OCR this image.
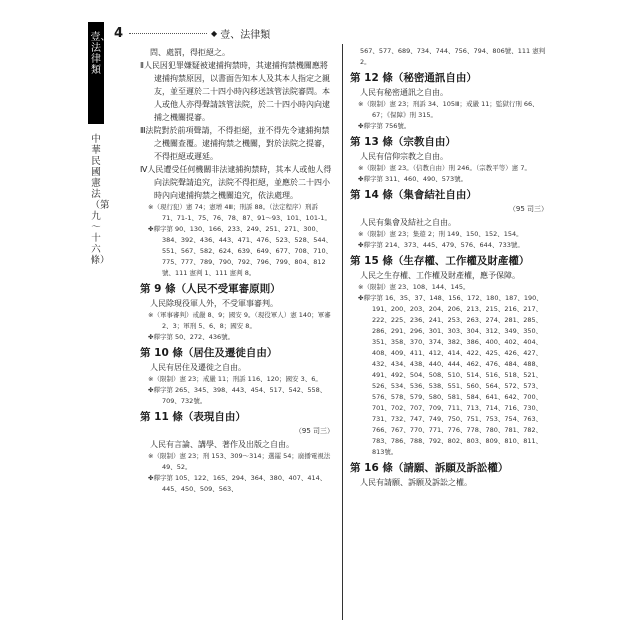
壹、法律類
中華民國憲法（第九～十六條）
4	◆ 壹、法律類

問、處罰，得拒絕之。

Ⅱ人民因犯罪嫌疑被逮捕拘禁時，其逮捕拘禁機關應將逮捕拘禁原因，以書面告知本人及其本人指定之親友，並至遲於二十四小時內移送該管法院審問。本人或他人亦得聲請該管法院，於二十四小時內向逮捕之機關提審。

Ⅲ法院對於前項聲請，不得拒絕，並不得先令逮捕拘禁之機關查覆。逮捕拘禁之機關，對於法院之提審，不得拒絕或遲延。

Ⅳ人民遭受任何機關非法逮捕拘禁時，其本人或他人得向法院聲請追究，法院不得拒絕，並應於二十四小時內向逮捕拘禁之機關追究，依法處理。

※（現行犯）憲 74；憲增 4Ⅲ；刑訴 88。（法定程序）刑訴 71、71-1、75、76、78、87、91～93、101、101-1。

✤釋字第 90、130、166、233、249、251、271、300、384、392、436、443、471、476、523、528、544、551、567、582、624、639、649、677、708、710、775、777、789、790、792、796、799、804、812號、111 憲判 1、111 憲判 8。

第 9 條（人民不受軍審原則）

人民除現役軍人外，不受軍事審判。

※（軍事審判）戒嚴 8、9；國安 9。（現役軍人）憲 140；軍審 2、3；軍刑 5、6、8；國安 8。

✤釋字第 50、272、436號。

第 10 條（居住及遷徙自由）

人民有居住及遷徙之自由。

※（限制）憲 23；戒嚴 11；刑訴 116、120；國安 3、6。

✤釋字第 265、345、398、443、454、517、542、558、709、732號。

第 11 條（表現自由）

（95 司三）

人民有言論、講學、著作及出版之自由。

※（限制）憲 23；刑 153、309～314；選罷 54；廣播電視法 49、52。

✤釋字第 105、122、165、294、364、380、407、414、445、450、509、563、

567、577、689、734、744、756、794、806號、111 憲判 2。

第 12 條（秘密通訊自由）

人民有秘密通訊之自由。

※（限制）憲 23；刑訴 34、105Ⅲ；戒嚴 11；監獄行刑 66、67；《保障》刑 315。

✤釋字第 756號。

第 13 條（宗教自由）

人民有信仰宗教之自由。

※（限制）憲 23。（信教自由）刑 246。（宗教平等）憲 7。

✤釋字第 311、460、490、573號。

第 14 條（集會結社自由）

（95 司三）

人民有集會及結社之自由。

※（限制）憲 23；集遊 2；刑 149、150、152、154。

✤釋字第 214、373、445、479、576、644、733號。

第 15 條（生存權、工作權及財產權）

人民之生存權、工作權及財產權，應予保障。

※（限制）憲 23、108、144、145。

✤釋字第 16、35、37、148、156、172、180、187、190、191、200、203、204、206、213、215、216、217、222、225、236、241、253、263、274、281、285、286、291、296、301、303、304、312、349、350、351、358、370、374、382、386、400、402、404、408、409、411、412、414、422、425、426、427、432、434、438、440、444、462、476、484、488、491、492、504、508、510、514、516、518、521、526、534、536、538、551、560、564、572、573、576、578、579、580、581、584、641、642、700、701、702、707、709、711、713、714、716、730、731、732、747、749、750、751、753、754、763、766、767、770、771、776、778、780、781、782、783、786、788、792、802、803、809、810、811、813號。

第 16 條（請願、訴願及訴訟權）

人民有請願、訴願及訴訟之權。
